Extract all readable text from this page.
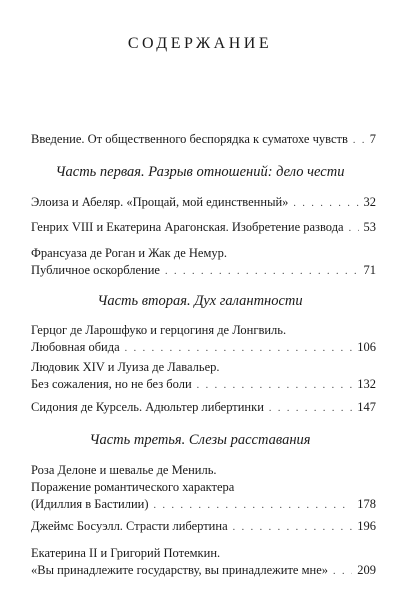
СОДЕРЖАНИЕ
Введение. От общественного беспорядка к суматохе чувств . . . 7
Часть первая. Разрыв отношений: дело чести
Элоиза и Абеляр. «Прощай, мой единственный» . . .	32
Генрих VIII и Екатерина Арагонская. Изобретение развода . . . 53
Франсуаза де Роган и Жак де Немур.
Публичное оскорбление . . .	71
Часть вторая. Дух галантности
Герцог де Ларошфуко и герцогиня де Лонгвиль.
Любовная обида . . .	106
Людовик XIV и Луиза де Лавальер.
Без сожаления, но не без боли . . .	132
Сидония де Курсель. Адюльтер либертинки . . .	147
Часть третья. Слезы расставания
Роза Делоне и шевалье де Мениль.
Поражение романтического характера
(Идиллия в Бастилии) . . .	178
Джеймс Босуэлл. Страсти либертина . . .	196
Екатерина II и Григорий Потемкин.
«Вы принадлежите государству, вы принадлежите мне» . . . 209
